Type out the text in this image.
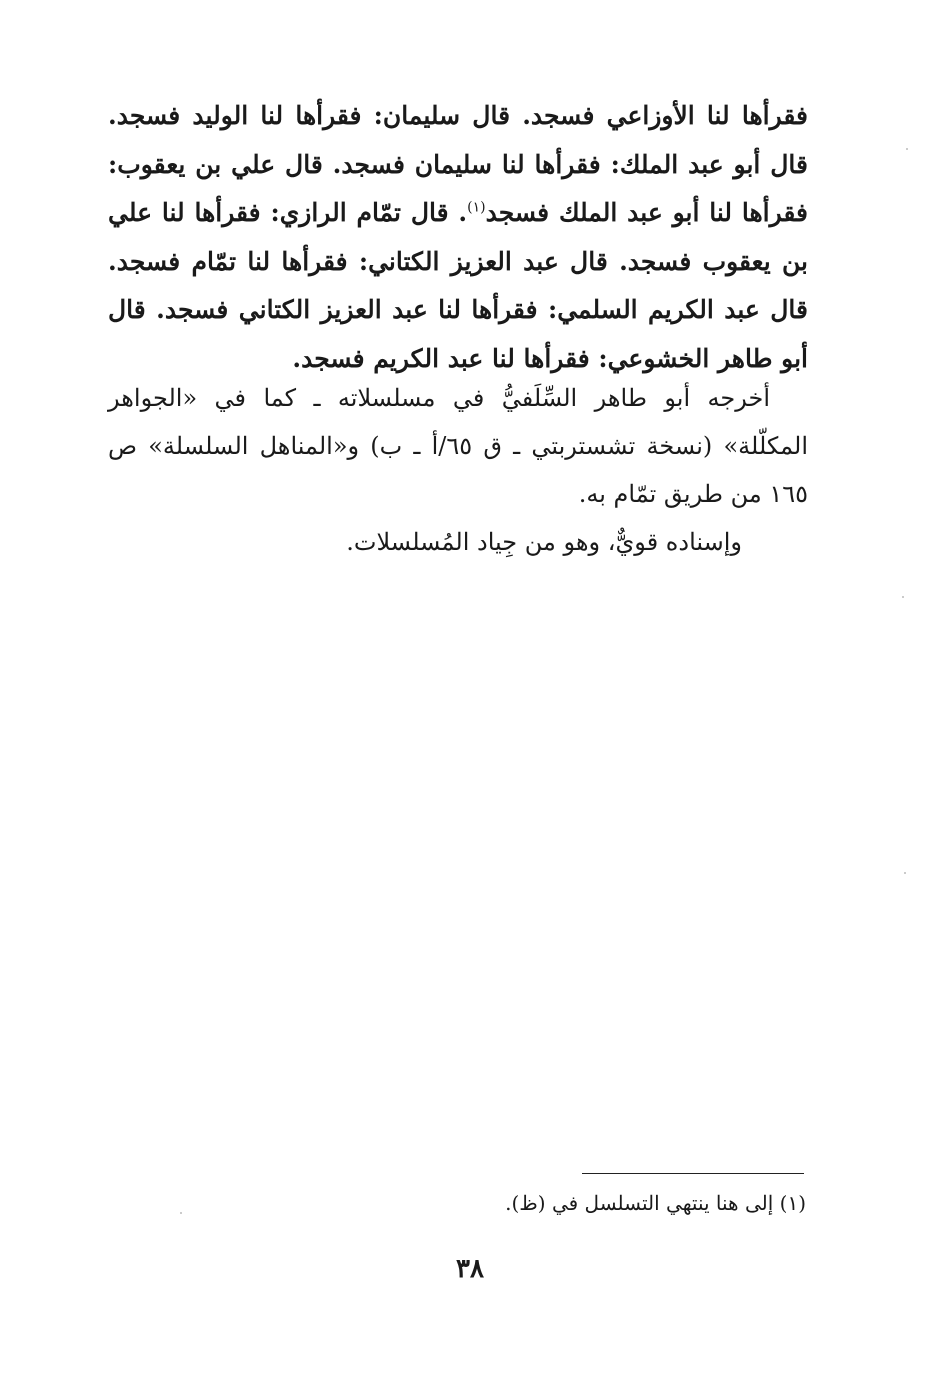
فقرأها لنا الأوزاعي فسجد. قال سليمان: فقرأها لنا الوليد فسجد. قال أبو عبد الملك: فقرأها لنا سليمان فسجد. قال علي بن يعقوب: فقرأها لنا أبو عبد الملك فسجد$^{(١)}$. قال تمّام الرازي: فقرأها لنا علي بن يعقوب فسجد. قال عبد العزيز الكتاني: فقرأها لنا تمّام فسجد. قال عبد الكريم السلمي: فقرأها لنا عبد العزيز الكتاني فسجد. قال أبو طاهر الخشوعي: فقرأها لنا عبد الكريم فسجد.

أخرجه أبو طاهر السِّلَفيُّ في مسلسلاته ـ كما في «الجواهر المكلّلة» (نسخة تشستربتي ـ ق ٦٥/أ ـ ب) و«المناهل السلسلة» ص ١٦٥ من طريق تمّام به.

وإسناده قويٌّ، وهو من جِياد المُسلسلات.

(١) إلى هنا ينتهي التسلسل في (ظ).

٣٨
